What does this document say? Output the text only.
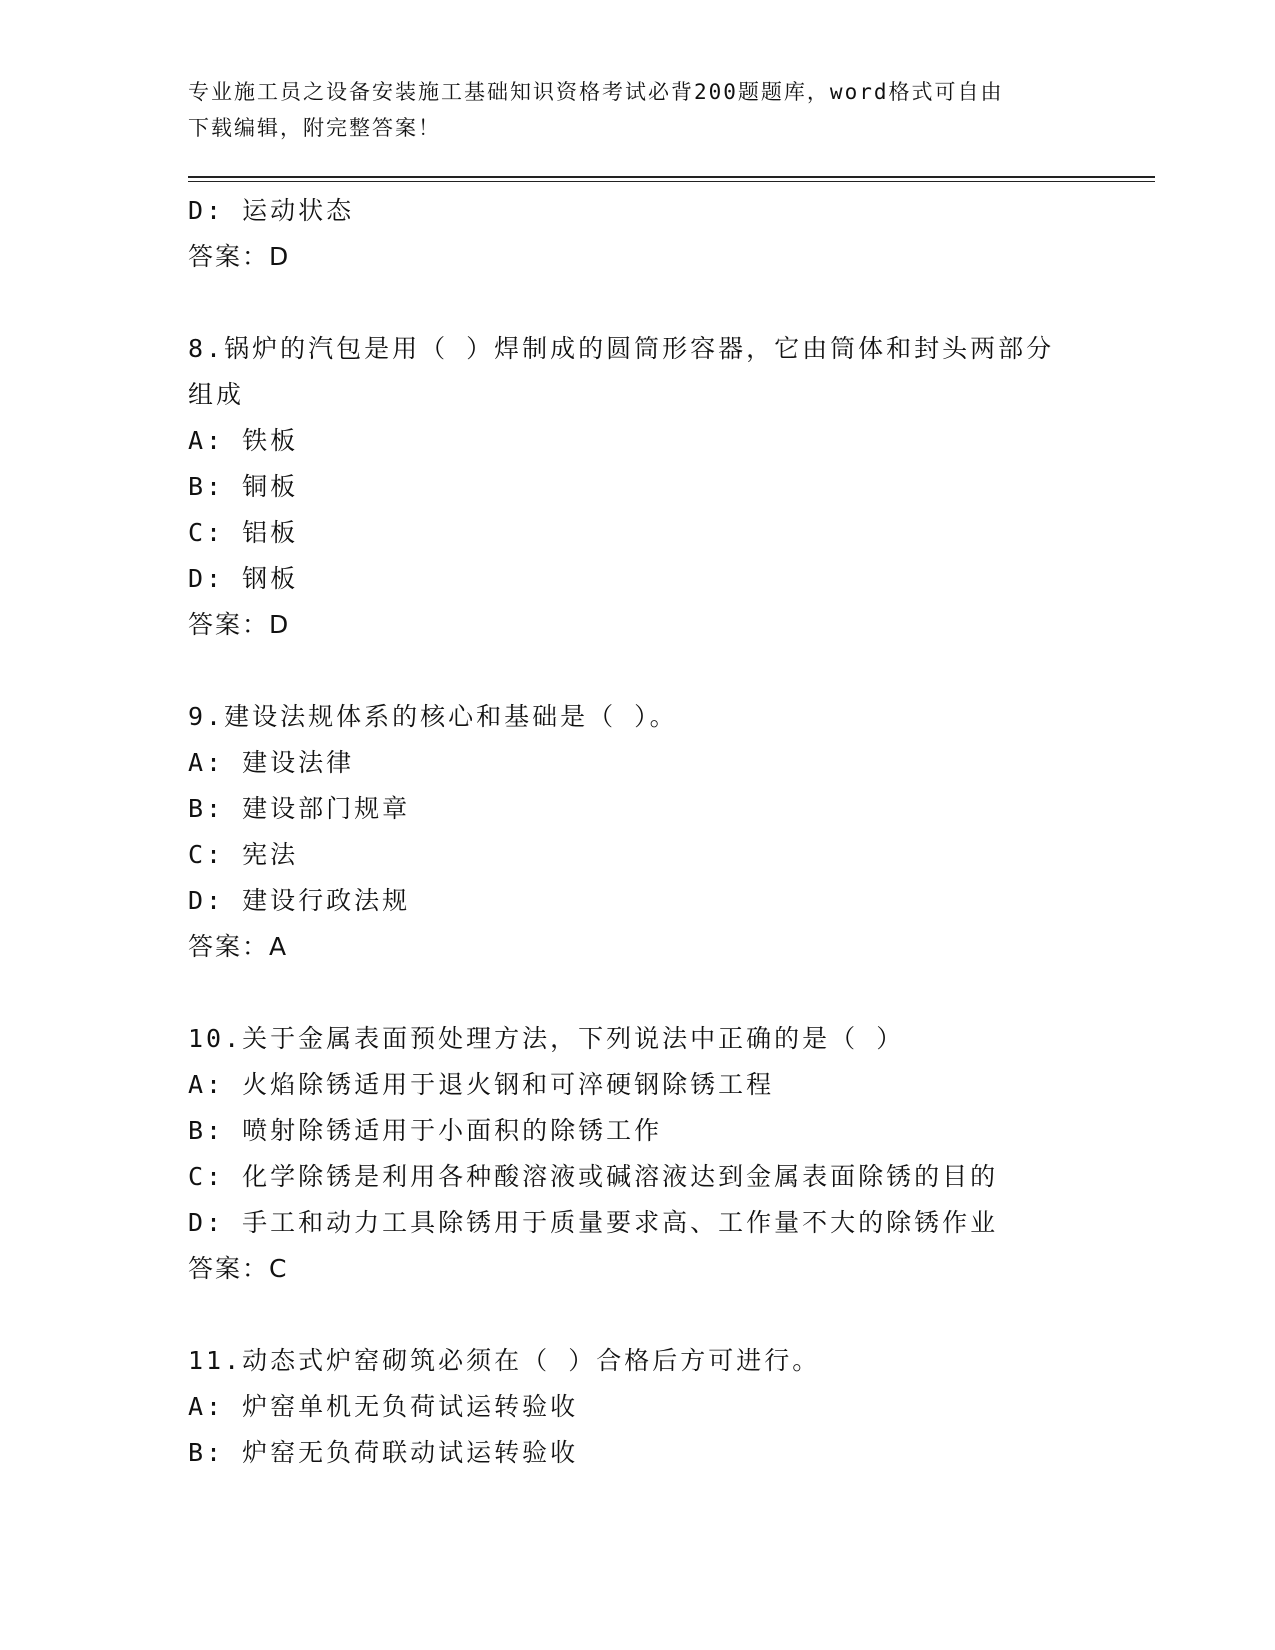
专业施工员之设备安装施工基础知识资格考试必背200题题库，word格式可自由
下载编辑，附完整答案！
D: 运动状态
答案：D
8.锅炉的汽包是用（ ）焊制成的圆筒形容器，它由筒体和封头两部分
组成
A: 铁板
B: 铜板
C: 铝板
D: 钢板
答案：D
9.建设法规体系的核心和基础是（ ）。
A: 建设法律
B: 建设部门规章
C: 宪法
D: 建设行政法规
答案：A
10.关于金属表面预处理方法，下列说法中正确的是（ ）
A: 火焰除锈适用于退火钢和可淬硬钢除锈工程
B: 喷射除锈适用于小面积的除锈工作
C: 化学除锈是利用各种酸溶液或碱溶液达到金属表面除锈的目的
D: 手工和动力工具除锈用于质量要求高、工作量不大的除锈作业
答案：C
11.动态式炉窑砌筑必须在（ ）合格后方可进行。
A: 炉窑单机无负荷试运转验收
B: 炉窑无负荷联动试运转验收
